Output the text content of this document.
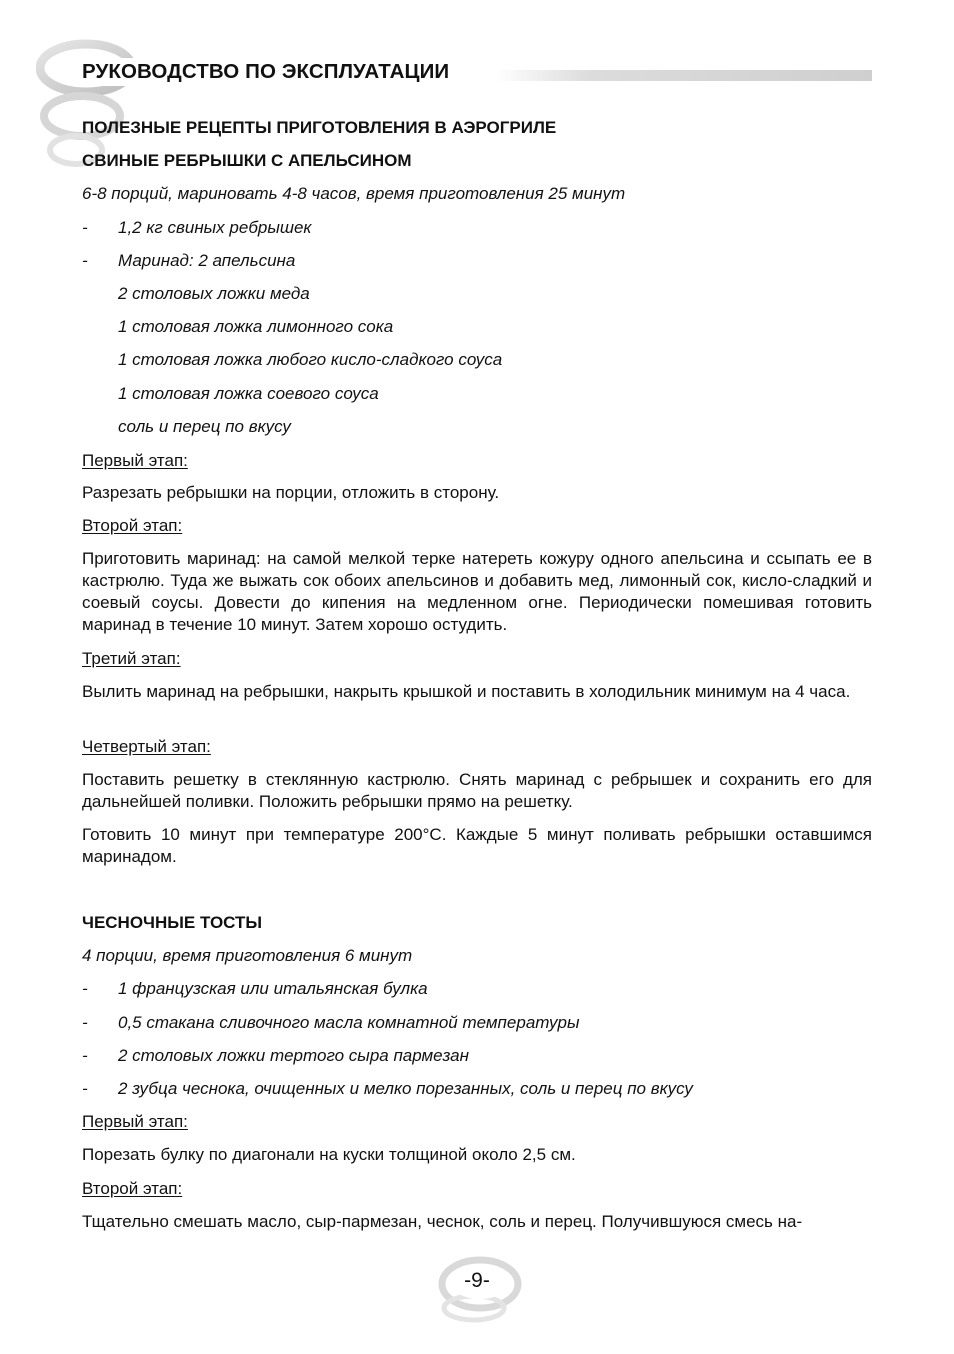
РУКОВОДСТВО ПО ЭКСПЛУАТАЦИИ
ПОЛЕЗНЫЕ РЕЦЕПТЫ ПРИГОТОВЛЕНИЯ В АЭРОГРИЛЕ
СВИНЫЕ РЕБРЫШКИ С АПЕЛЬСИНОМ
6-8 порций, мариновать 4-8 часов, время приготовления 25 минут
- 1,2 кг свиных ребрышек
- Маринад: 2 апельсина
2 столовых ложки меда
1 столовая ложка лимонного сока
1 столовая ложка любого кисло-сладкого соуса
1 столовая ложка соевого соуса
соль и перец по вкусу
Первый этап:
Разрезать ребрышки на порции, отложить в сторону.
Второй этап:
Приготовить маринад: на самой мелкой терке натереть кожуру одного апельсина и ссыпать ее в кастрюлю. Туда же выжать сок обоих апельсинов и добавить мед, лимонный сок, кисло-сладкий и соевый соусы. Довести до кипения на медленном огне. Периодически помешивая готовить маринад в течение 10 минут. Затем хорошо остудить.
Третий этап:
Вылить маринад на ребрышки, накрыть крышкой и поставить в холодильник минимум на 4 часа.
Четвертый этап:
Поставить решетку в стеклянную кастрюлю. Снять маринад с ребрышек и сохранить его для дальнейшей поливки. Положить ребрышки прямо на решетку.
Готовить 10 минут при температуре 200°С. Каждые 5 минут поливать ребрышки оставшимся маринадом.
ЧЕСНОЧНЫЕ ТОСТЫ
4 порции, время приготовления 6 минут
- 1 французская или итальянская булка
- 0,5 стакана сливочного масла комнатной температуры
- 2 столовых ложки тертого сыра пармезан
- 2 зубца чеснока, очищенных и мелко порезанных, соль и перец по вкусу
Первый этап:
Порезать булку по диагонали на куски толщиной около 2,5 см.
Второй этап:
Тщательно смешать масло, сыр-пармезан, чеснок, соль и перец. Получившуюся смесь на-
-9-
